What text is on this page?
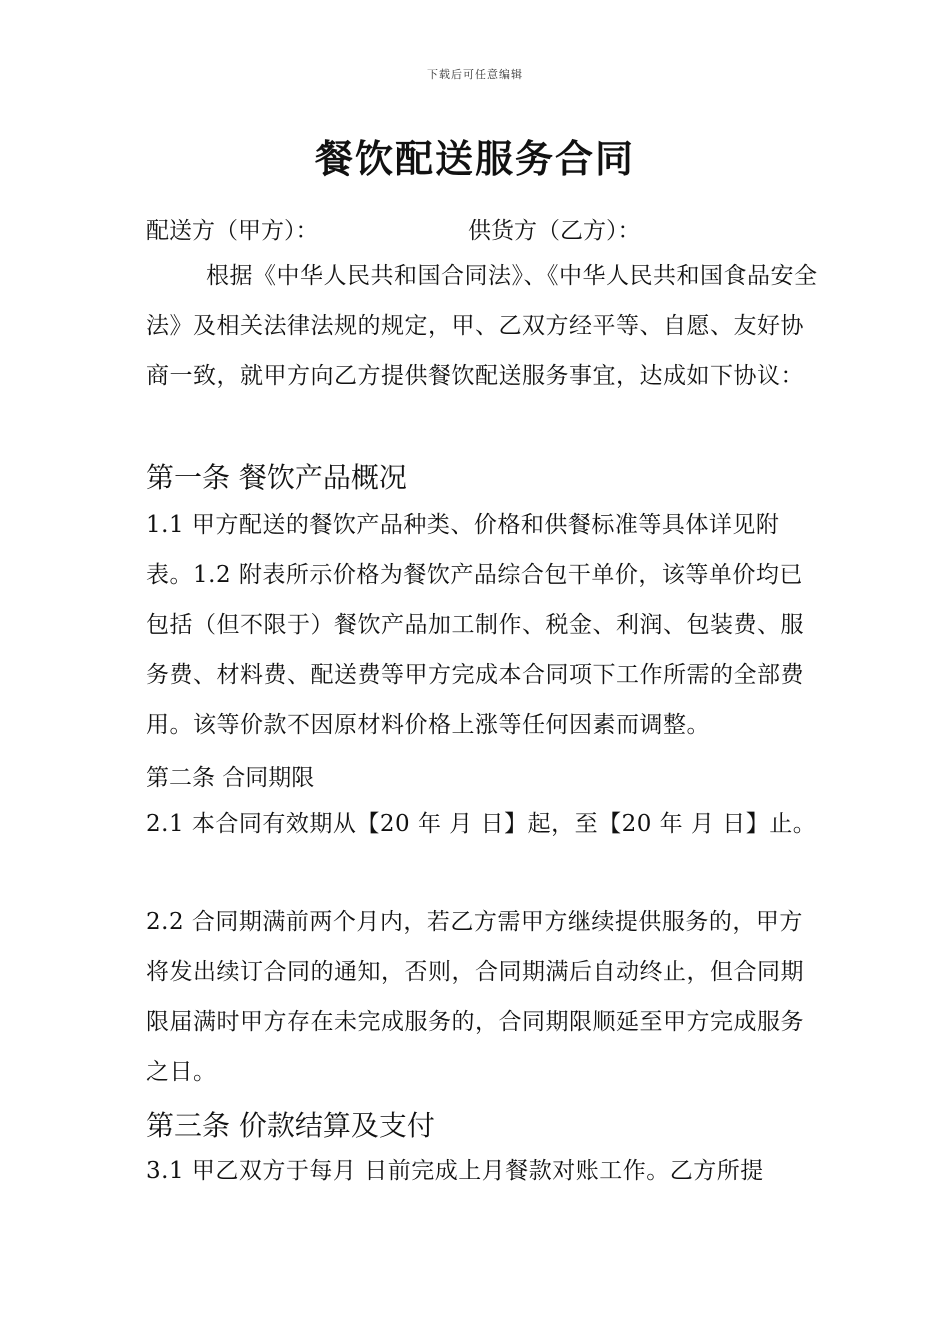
下载后可任意编辑
餐饮配送服务合同
配送方（甲方）：	供货方（乙方）：
根据《中华人民共和国合同法》、《中华人民共和国食品安全法》及相关法律法规的规定，甲、乙双方经平等、自愿、友好协商一致，就甲方向乙方提供餐饮配送服务事宜，达成如下协议：
第一条 餐饮产品概况
1.1 甲方配送的餐饮产品种类、价格和供餐标准等具体详见附表。1.2 附表所示价格为餐饮产品综合包干单价，该等单价均已包括（但不限于）餐饮产品加工制作、税金、利润、包装费、服务费、材料费、配送费等甲方完成本合同项下工作所需的全部费用。该等价款不因原材料价格上涨等任何因素而调整。
第二条 合同期限
2.1 本合同有效期从【20 年 月 日】起，至【20 年 月 日】止。
2.2 合同期满前两个月内，若乙方需甲方继续提供服务的，甲方将发出续订合同的通知，否则，合同期满后自动终止，但合同期限届满时甲方存在未完成服务的，合同期限顺延至甲方完成服务之日。
第三条 价款结算及支付
3.1 甲乙双方于每月 日前完成上月餐款对账工作。乙方所提
